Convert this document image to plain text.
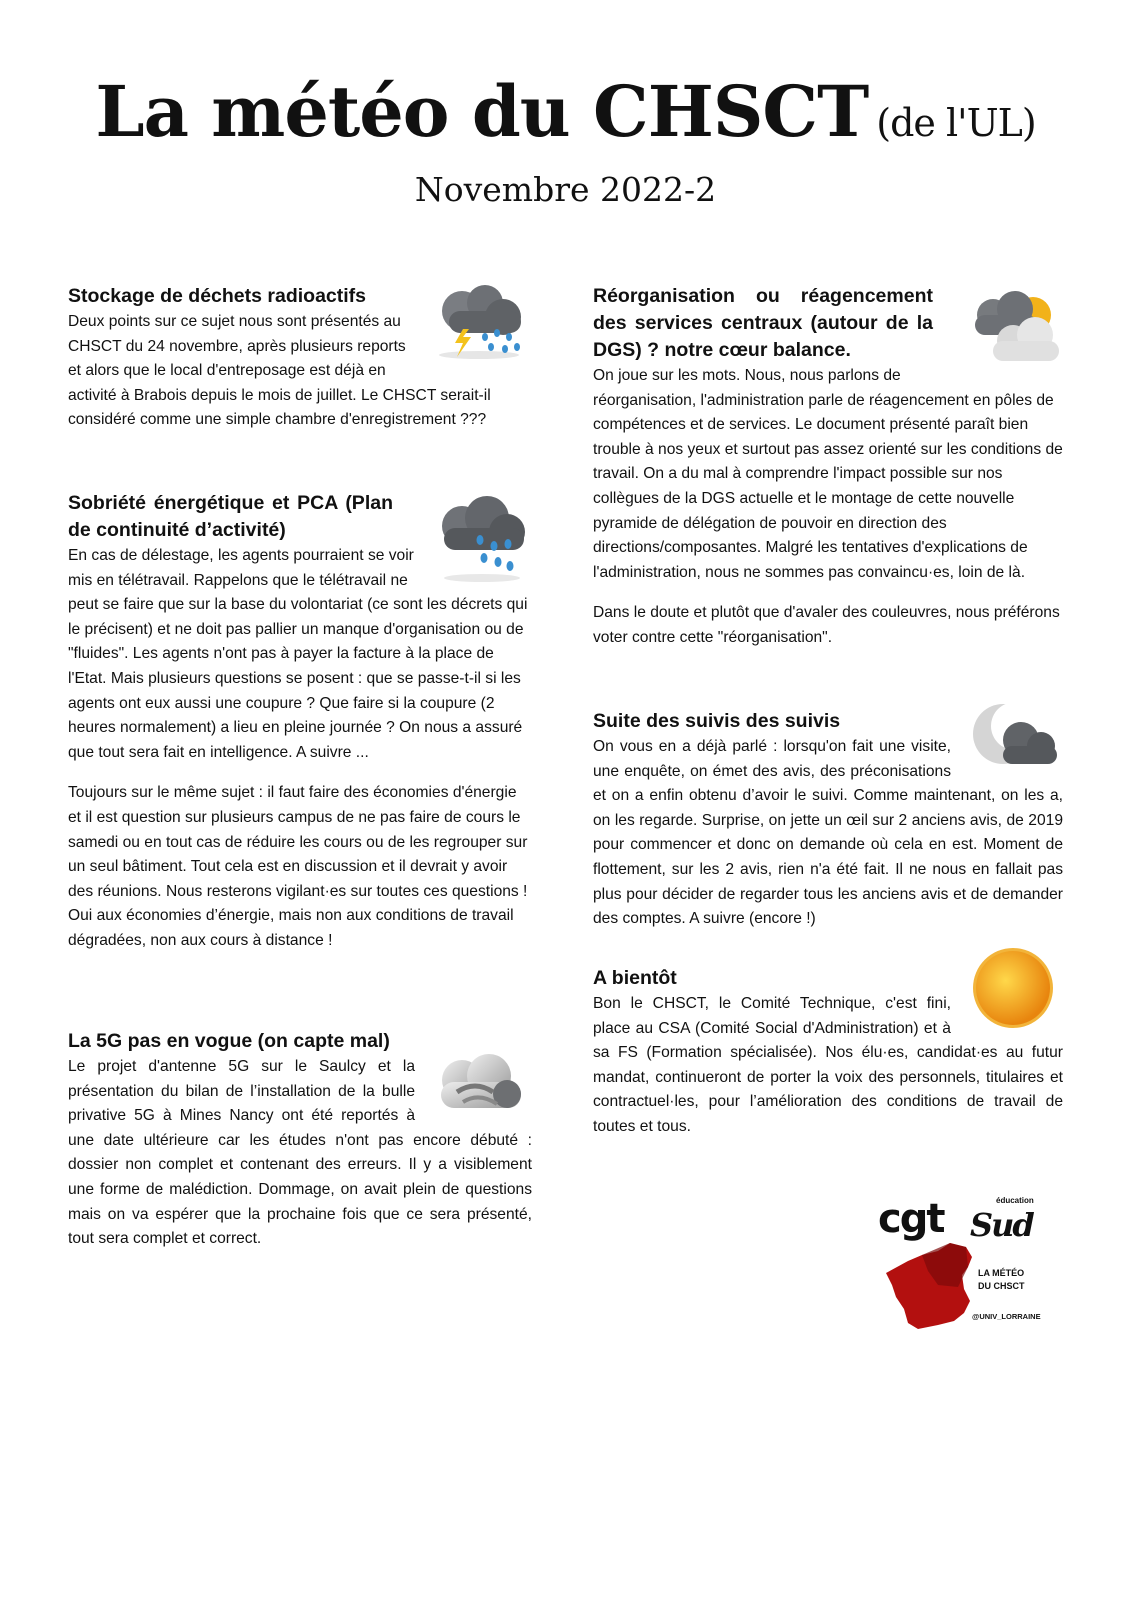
La météo du CHSCT (de l'UL)
Novembre 2022-2
Stockage de déchets radioactifs

Deux points sur ce sujet nous sont présentés au CHSCT du 24 novembre, après plusieurs reports et alors que le local d'entreposage est déjà en activité à Brabois depuis le mois de juillet. Le CHSCT serait-il considéré comme une simple chambre d'enregistrement ???

Sobriété énergétique et PCA (Plan de continuité d’activité)

En cas de délestage, les agents pourraient se voir mis en télétravail. Rappelons que le télétravail ne peut se faire que sur la base du volontariat (ce sont les décrets qui le précisent) et ne doit pas pallier un manque d'organisation ou de "fluides". Les agents n'ont pas à payer la facture à la place de l'Etat. Mais plusieurs questions se posent : que se passe-t-il si les agents ont eux aussi une coupure ? Que faire si la coupure (2 heures normalement) a lieu en pleine journée ? On nous a assuré que tout sera fait en intelligence. A suivre ...

Toujours sur le même sujet : il faut faire des économies d'énergie et il est question sur plusieurs campus de ne pas faire de cours le samedi ou en tout cas de réduire les cours ou de les regrouper sur un seul bâtiment. Tout cela est en discussion et il devrait y avoir des réunions. Nous resterons vigilant·es sur toutes ces questions ! Oui aux économies d’énergie, mais non aux conditions de travail dégradées, non aux cours à distance !

La 5G pas en vogue (on capte mal)

Le projet d'antenne 5G sur le Saulcy et la présentation du bilan de l’installation de la bulle privative 5G à Mines Nancy ont été reportés à une date ultérieure car les études n'ont pas encore débuté : dossier non complet et contenant des erreurs. Il y a visiblement une forme de malédiction. Dommage, on avait plein de questions mais on va espérer que la prochaine fois que ce sera présenté, tout sera complet et correct.

Réorganisation ou réagencement des services centraux (autour de la DGS) ? notre cœur balance.

On joue sur les mots. Nous, nous parlons de réorganisation, l'administration parle de réagencement en pôles de compétences et de services. Le document présenté paraît bien trouble à nos yeux et surtout pas assez orienté sur les conditions de travail. On a du mal à comprendre l'impact possible sur nos collègues de la DGS actuelle et le montage de cette nouvelle pyramide de délégation de pouvoir en direction des directions/composantes. Malgré les tentatives d'explications de l'administration, nous ne sommes pas convaincu·es, loin de là.

Dans le doute et plutôt que d'avaler des couleuvres, nous préférons voter contre cette "réorganisation".

Suite des suivis des suivis

On vous en a déjà parlé : lorsqu'on fait une visite, une enquête, on émet des avis, des préconisations et on a enfin obtenu d’avoir le suivi. Comme maintenant, on les a, on les regarde. Surprise, on jette un œil sur 2 anciens avis, de 2019 pour commencer et donc on demande où cela en est. Moment de flottement, sur les 2 avis, rien n'a été fait. Il ne nous en fallait pas plus pour décider de regarder tous les anciens avis et de demander des comptes. A suivre (encore !)

A bientôt

Bon le CHSCT, le Comité Technique, c'est fini, place au CSA (Comité Social d'Administration) et à sa FS (Formation spécialisée). Nos élu·es, candidat·es au futur mandat, continueront de porter la voix des personnels, titulaires et contractuel·les, pour l’amélioration des conditions de travail de toutes et tous.

cgt	éducation
Sud
LA MÉTÉO
DU CHSCT
@UNIV_LORRAINE
